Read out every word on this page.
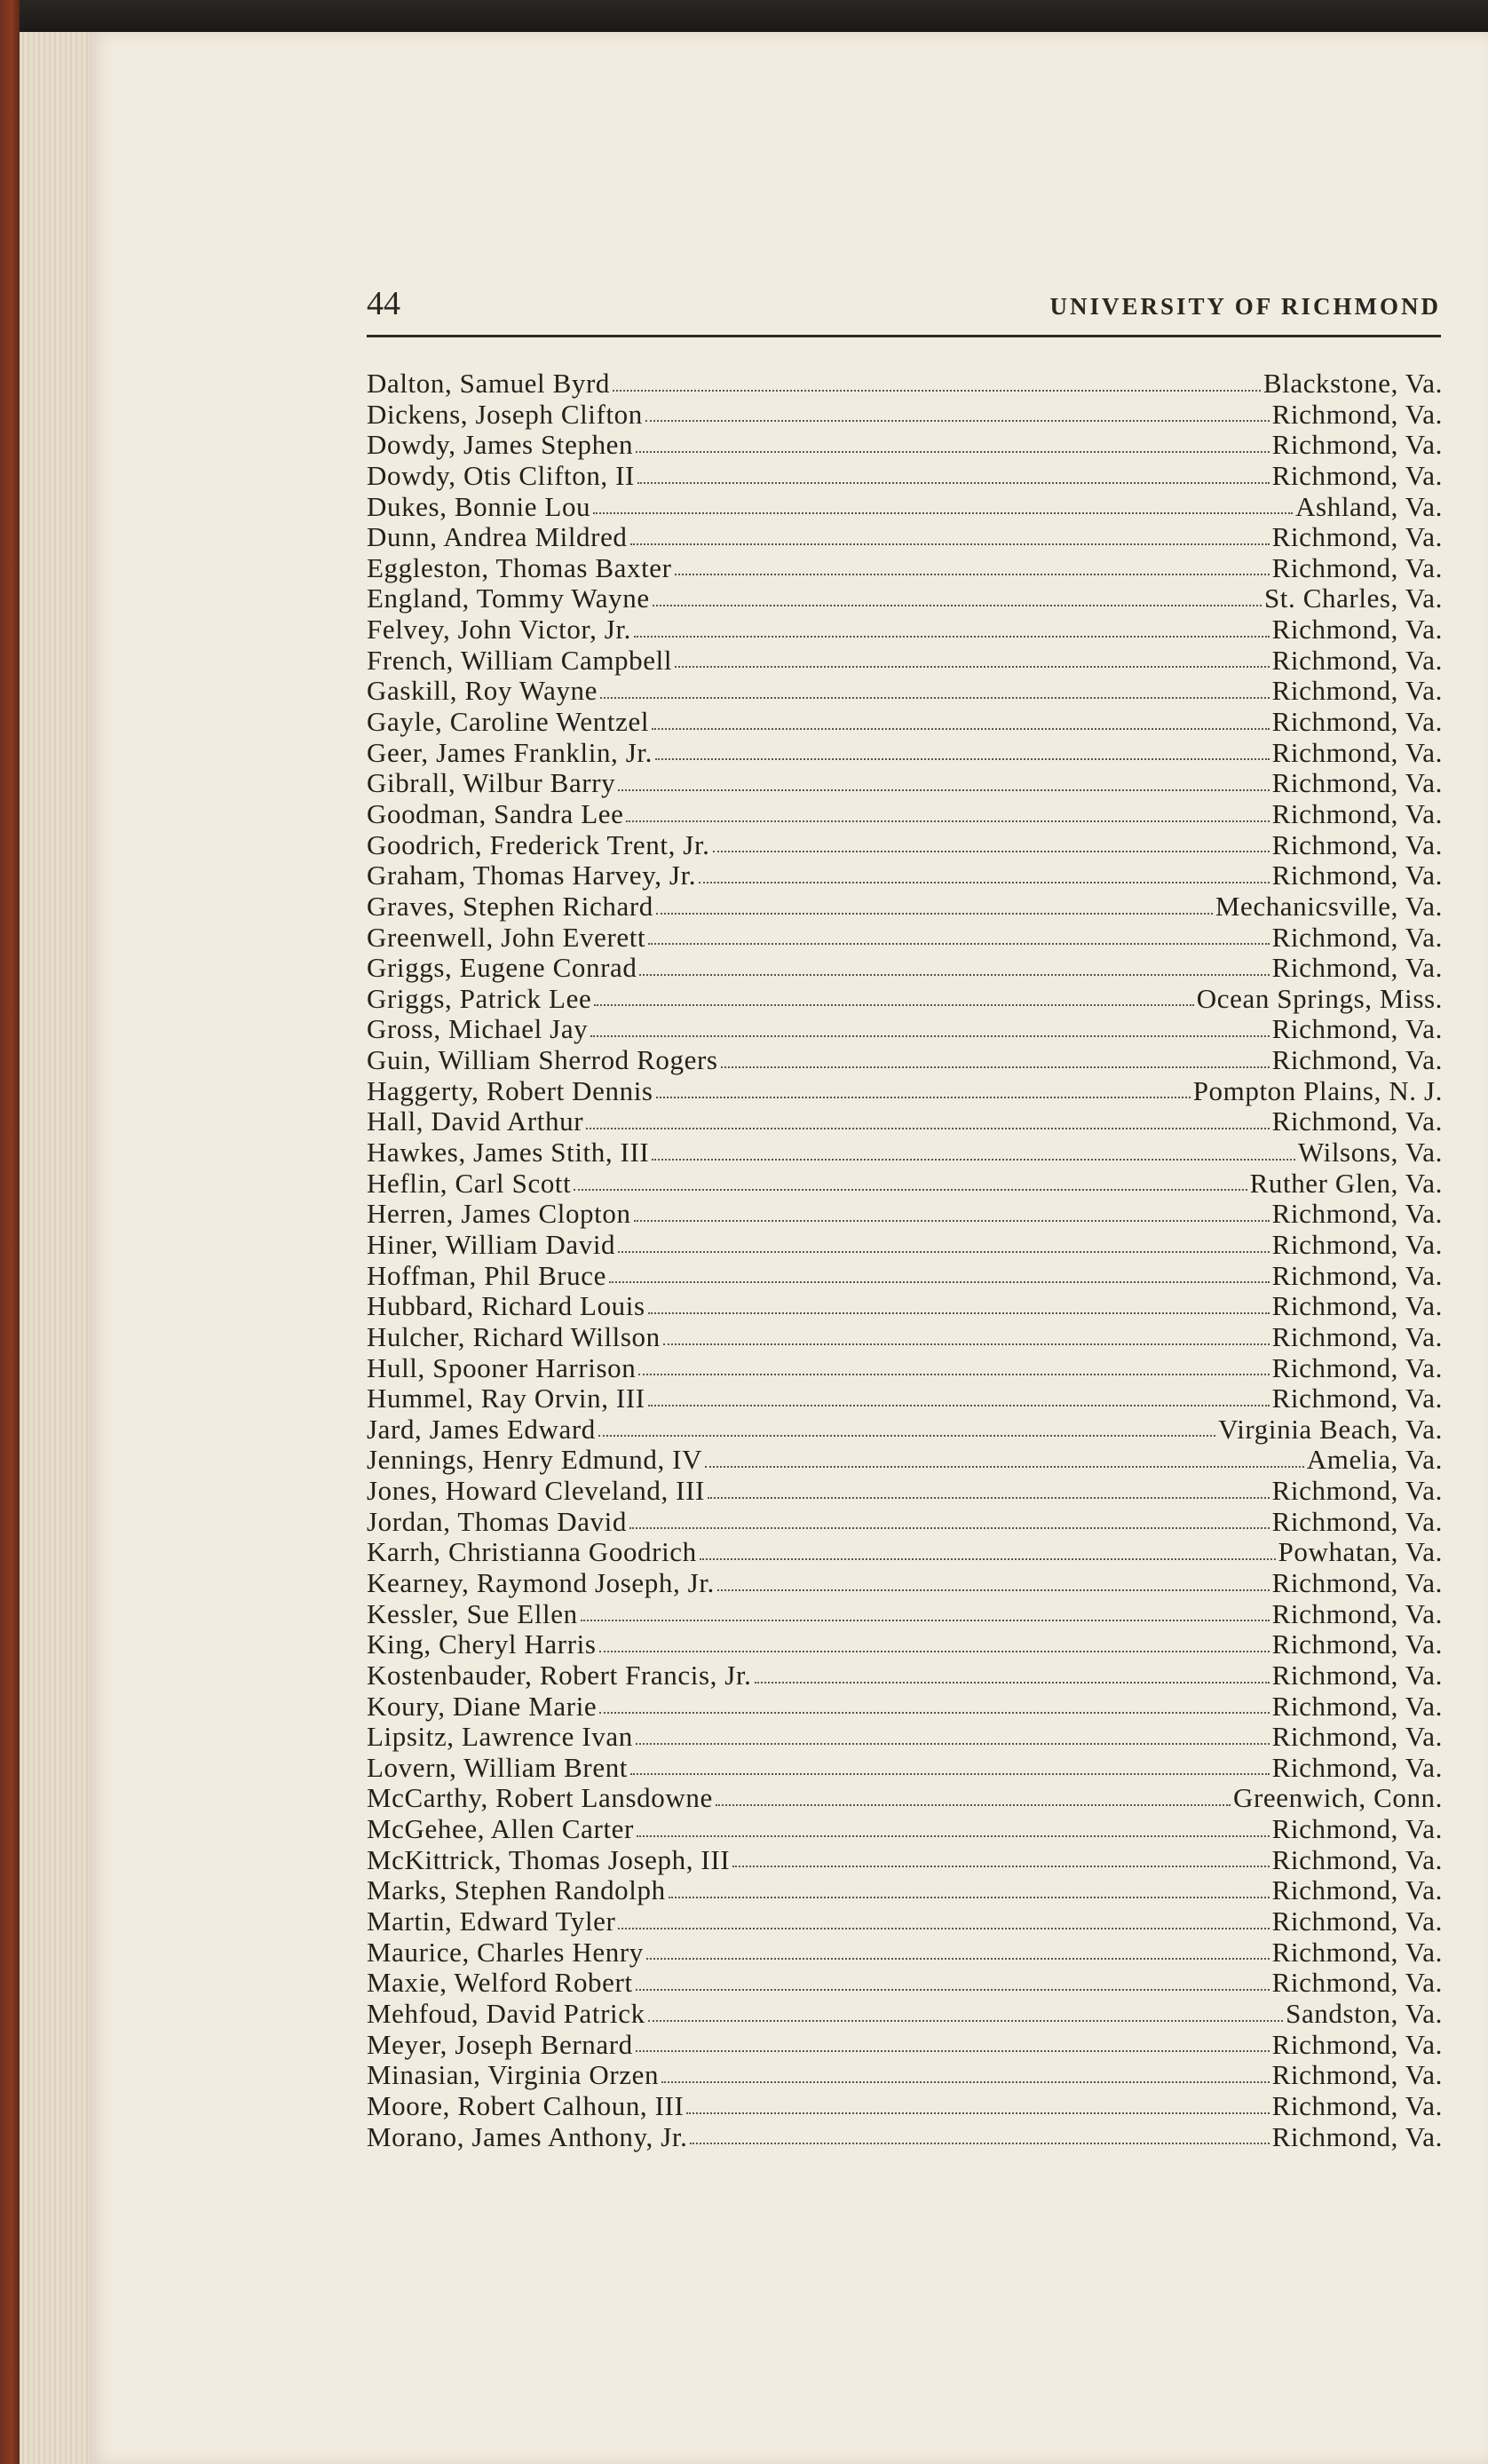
44	UNIVERSITY OF RICHMOND
Dalton, Samuel Byrd	Blackstone, Va.
Dickens, Joseph Clifton	Richmond, Va.
Dowdy, James Stephen	Richmond, Va.
Dowdy, Otis Clifton, II	Richmond, Va.
Dukes, Bonnie Lou	Ashland, Va.
Dunn, Andrea Mildred	Richmond, Va.
Eggleston, Thomas Baxter	Richmond, Va.
England, Tommy Wayne	St. Charles, Va.
Felvey, John Victor, Jr.	Richmond, Va.
French, William Campbell	Richmond, Va.
Gaskill, Roy Wayne	Richmond, Va.
Gayle, Caroline Wentzel	Richmond, Va.
Geer, James Franklin, Jr.	Richmond, Va.
Gibrall, Wilbur Barry	Richmond, Va.
Goodman, Sandra Lee	Richmond, Va.
Goodrich, Frederick Trent, Jr.	Richmond, Va.
Graham, Thomas Harvey, Jr.	Richmond, Va.
Graves, Stephen Richard	Mechanicsville, Va.
Greenwell, John Everett	Richmond, Va.
Griggs, Eugene Conrad	Richmond, Va.
Griggs, Patrick Lee	Ocean Springs, Miss.
Gross, Michael Jay	Richmond, Va.
Guin, William Sherrod Rogers	Richmond, Va.
Haggerty, Robert Dennis	Pompton Plains, N. J.
Hall, David Arthur	Richmond, Va.
Hawkes, James Stith, III	Wilsons, Va.
Heflin, Carl Scott	Ruther Glen, Va.
Herren, James Clopton	Richmond, Va.
Hiner, William David	Richmond, Va.
Hoffman, Phil Bruce	Richmond, Va.
Hubbard, Richard Louis	Richmond, Va.
Hulcher, Richard Willson	Richmond, Va.
Hull, Spooner Harrison	Richmond, Va.
Hummel, Ray Orvin, III	Richmond, Va.
Jard, James Edward	Virginia Beach, Va.
Jennings, Henry Edmund, IV	Amelia, Va.
Jones, Howard Cleveland, III	Richmond, Va.
Jordan, Thomas David	Richmond, Va.
Karrh, Christianna Goodrich	Powhatan, Va.
Kearney, Raymond Joseph, Jr.	Richmond, Va.
Kessler, Sue Ellen	Richmond, Va.
King, Cheryl Harris	Richmond, Va.
Kostenbauder, Robert Francis, Jr.	Richmond, Va.
Koury, Diane Marie	Richmond, Va.
Lipsitz, Lawrence Ivan	Richmond, Va.
Lovern, William Brent	Richmond, Va.
McCarthy, Robert Lansdowne	Greenwich, Conn.
McGehee, Allen Carter	Richmond, Va.
McKittrick, Thomas Joseph, III	Richmond, Va.
Marks, Stephen Randolph	Richmond, Va.
Martin, Edward Tyler	Richmond, Va.
Maurice, Charles Henry	Richmond, Va.
Maxie, Welford Robert	Richmond, Va.
Mehfoud, David Patrick	Sandston, Va.
Meyer, Joseph Bernard	Richmond, Va.
Minasian, Virginia Orzen	Richmond, Va.
Moore, Robert Calhoun, III	Richmond, Va.
Morano, James Anthony, Jr.	Richmond, Va.
